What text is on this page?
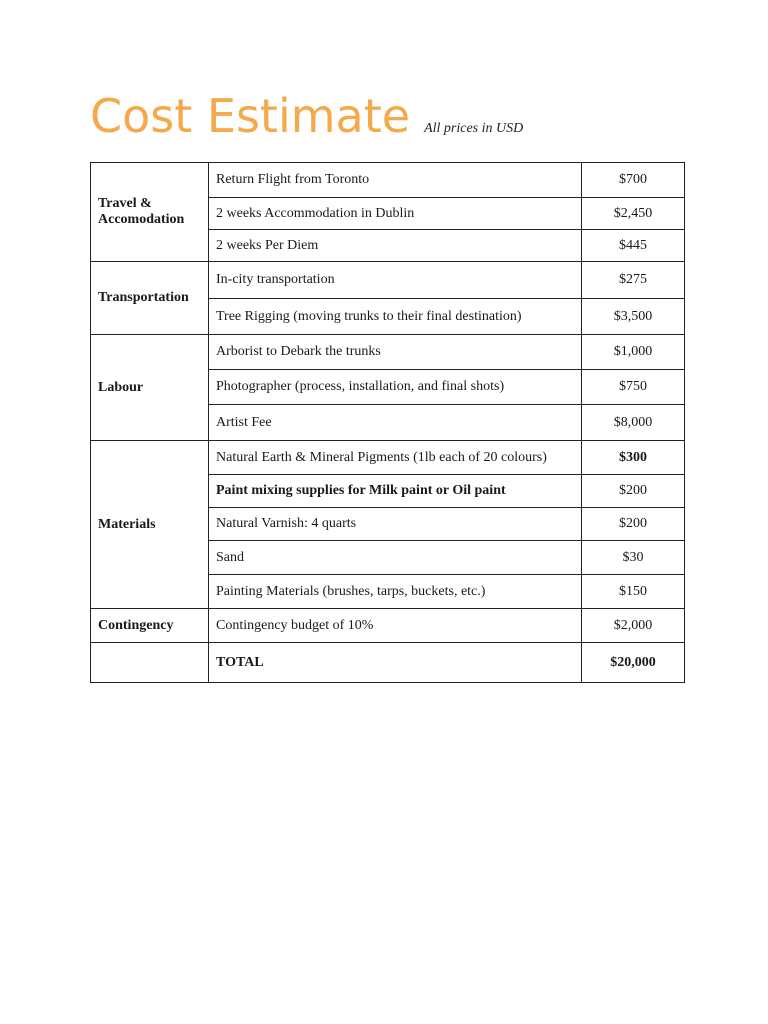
Cost Estimate All prices in USD
Travel & Accomodation	Return Flight from Toronto	$700
	2 weeks Accommodation in Dublin	$2,450
	2 weeks Per Diem	$445
Transportation	In-city transportation	$275
	Tree Rigging (moving trunks to their final destination)	$3,500
Labour	Arborist to Debark the trunks	$1,000
	Photographer (process, installation, and final shots)	$750
	Artist Fee	$8,000
Materials	Natural Earth & Mineral Pigments (1lb each of 20 colours)	$300
	Paint mixing supplies for Milk paint or Oil paint	$200
	Natural Varnish: 4 quarts	$200
	Sand	$30
	Painting Materials (brushes, tarps, buckets, etc.)	$150
Contingency	Contingency budget of 10%	$2,000
	TOTAL	$20,000
